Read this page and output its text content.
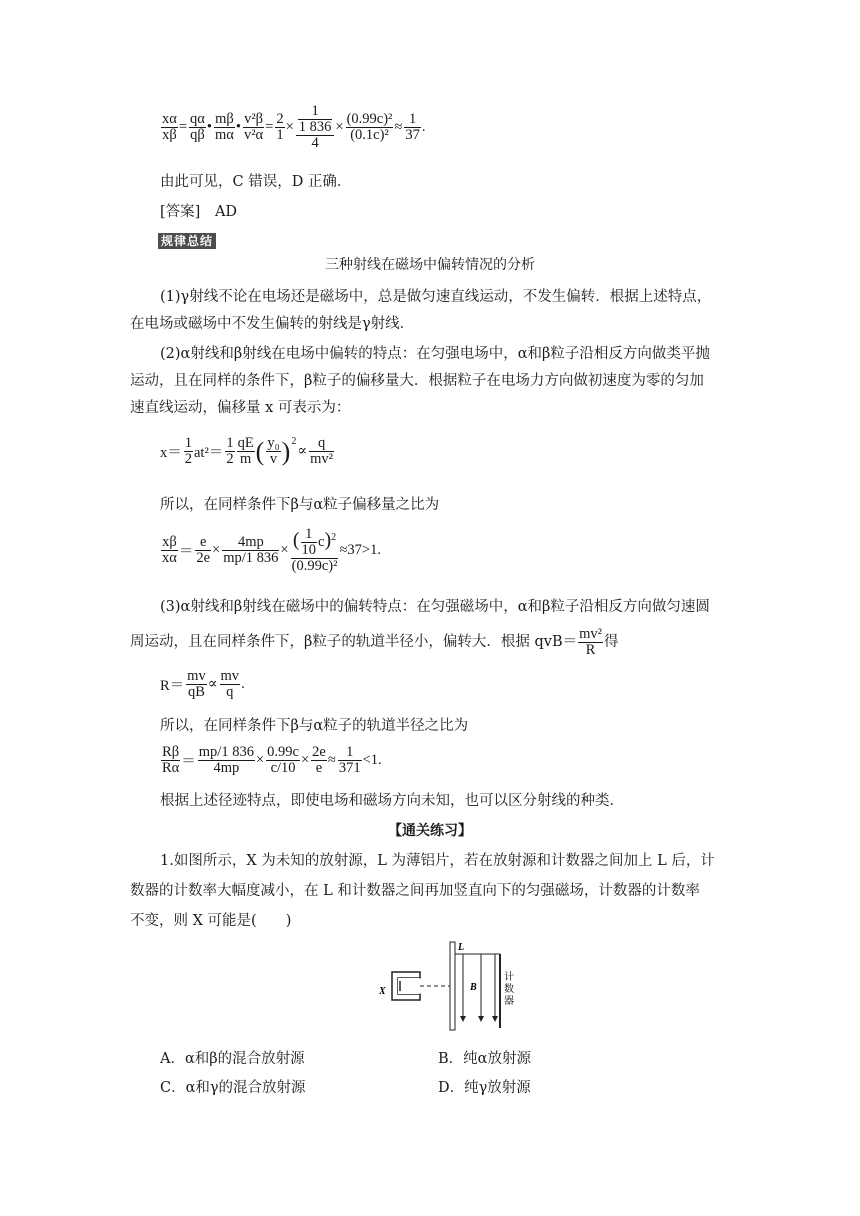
$\frac{x\alpha}{x\beta} = \frac{q\alpha}{q\beta}$ • $\frac{m\beta}{m\alpha}$ • $\frac{\text{v²β}}{\text{v²α}} = \frac{2}{1} \times \frac{\frac{1}{1 836}}{4} \times \frac{\text{(0.99c)²}}{\text{(0.1c)²}} \approx \frac{1}{37}$ .
由此可见，C 错误，D 正确．
[答案] AD
规律总结
三种射线在磁场中偏转情况的分析
(1)γ射线不论在电场还是磁场中，总是做匀速直线运动，不发生偏转．根据上述特点，
在电场或磁场中不发生偏转的射线是γ射线．
(2)α射线和β射线在电场中偏转的特点：在匀强电场中，α和β粒子沿相反方向做类平抛
运动，且在同样的条件下，β粒子的偏移量大．根据粒子在电场力方向做初速度为零的匀加
速直线运动，偏移量 x 可表示为：
$x= \frac{1}{2} at^2= \frac{1}{2} \frac{qE}{m}$ ( $\frac{\text{y₀}}{v}$ ) 2
∝ $\frac{q}{\text{mv²}}$
所以，在同样条件下β与α粒子偏移量之比为
$\frac{x\beta}{x\alpha} = \frac{e}{2e} \times \frac{4mp}{mp/1 836} \times \frac{( \frac{1}{10} c)^2}{\text{(0.99c)²}} \approx 37>1$.
(3)α射线和β射线在磁场中的偏转特点：在匀强磁场中，α和β粒子沿相反方向做匀速圆
周运动，且在同样条件下，β粒子的轨道半径小，偏转大．根据 $qvB= \frac{\text{mv²}}{R}$ 得
$R= \frac{mv}{qB} \propto \frac{mv}{q}$ .
所以，在同样条件下β与α粒子的轨道半径之比为
$\frac{R\beta}{R\alpha} = \frac{mp/1 836}{4mp} \times \frac{0.99c}{c/10} \times \frac{2e}{e} \approx \frac{1}{371} <1$.
根据上述径迹特点，即使电场和磁场方向未知，也可以区分射线的种类．
【通关练习】
1.如图所示，X 为未知的放射源，L 为薄铝片，若在放射源和计数器之间加上 L 后，计
数器的计数率大幅度减小，在 L 和计数器之间再加竖直向下的匀强磁场，计数器的计数率
不变，则 X 可能是(　　)
X
L
B
计
数
器
A．α和β的混合放射源	B．纯α放射源
C．α和γ的混合放射源	D．纯γ放射源
